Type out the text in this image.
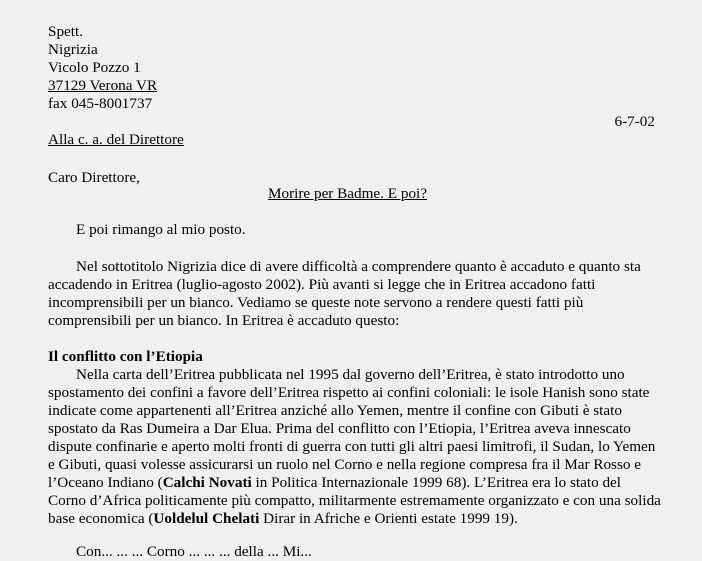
Spett.
Nigrizia
Vicolo Pozzo 1
37129 Verona VR
fax 045-8001737
6-7-02
Alla c. a. del Direttore
Caro Direttore,
Morire per Badme. E poi?
E poi rimango al mio posto.
Nel sottotitolo Nigrizia dice di avere difficoltà a comprendere quanto è accaduto e quanto sta accadendo in Eritrea (luglio-agosto 2002). Più avanti si legge che in Eritrea accadono fatti incomprensibili per un bianco. Vediamo se queste note servono a rendere questi fatti più comprensibili per un bianco. In Eritrea è accaduto questo:
Il conflitto con l’Etiopia
Nella carta dell’Eritrea pubblicata nel 1995 dal governo dell’Eritrea, è stato introdotto uno spostamento dei confini a favore dell’Eritrea rispetto ai confini coloniali: le isole Hanish sono state indicate come appartenenti all’Eritrea anziché allo Yemen, mentre il confine con Gibuti è stato spostato da Ras Dumeira a Dar Elua. Prima del conflitto con l’Etiopia, l’Eritrea aveva innescato dispute confinarie e aperto molti fronti di guerra con tutti gli altri paesi limitrofi, il Sudan, lo Yemen e Gibuti, quasi volesse assicurarsi un ruolo nel Corno e nella regione compresa fra il Mar Rosso e l’Oceano Indiano (Calchi Novati in Politica Internazionale 1999 68). L’Eritrea era lo stato del Corno d’Africa politicamente più compatto, militarmente estremamente organizzato e con una solida base economica (Uoldelul Chelati Dirar in Afriche e Orienti estate 1999 19).
Con... ... ... Corno ... ... ... della ... Mi...
